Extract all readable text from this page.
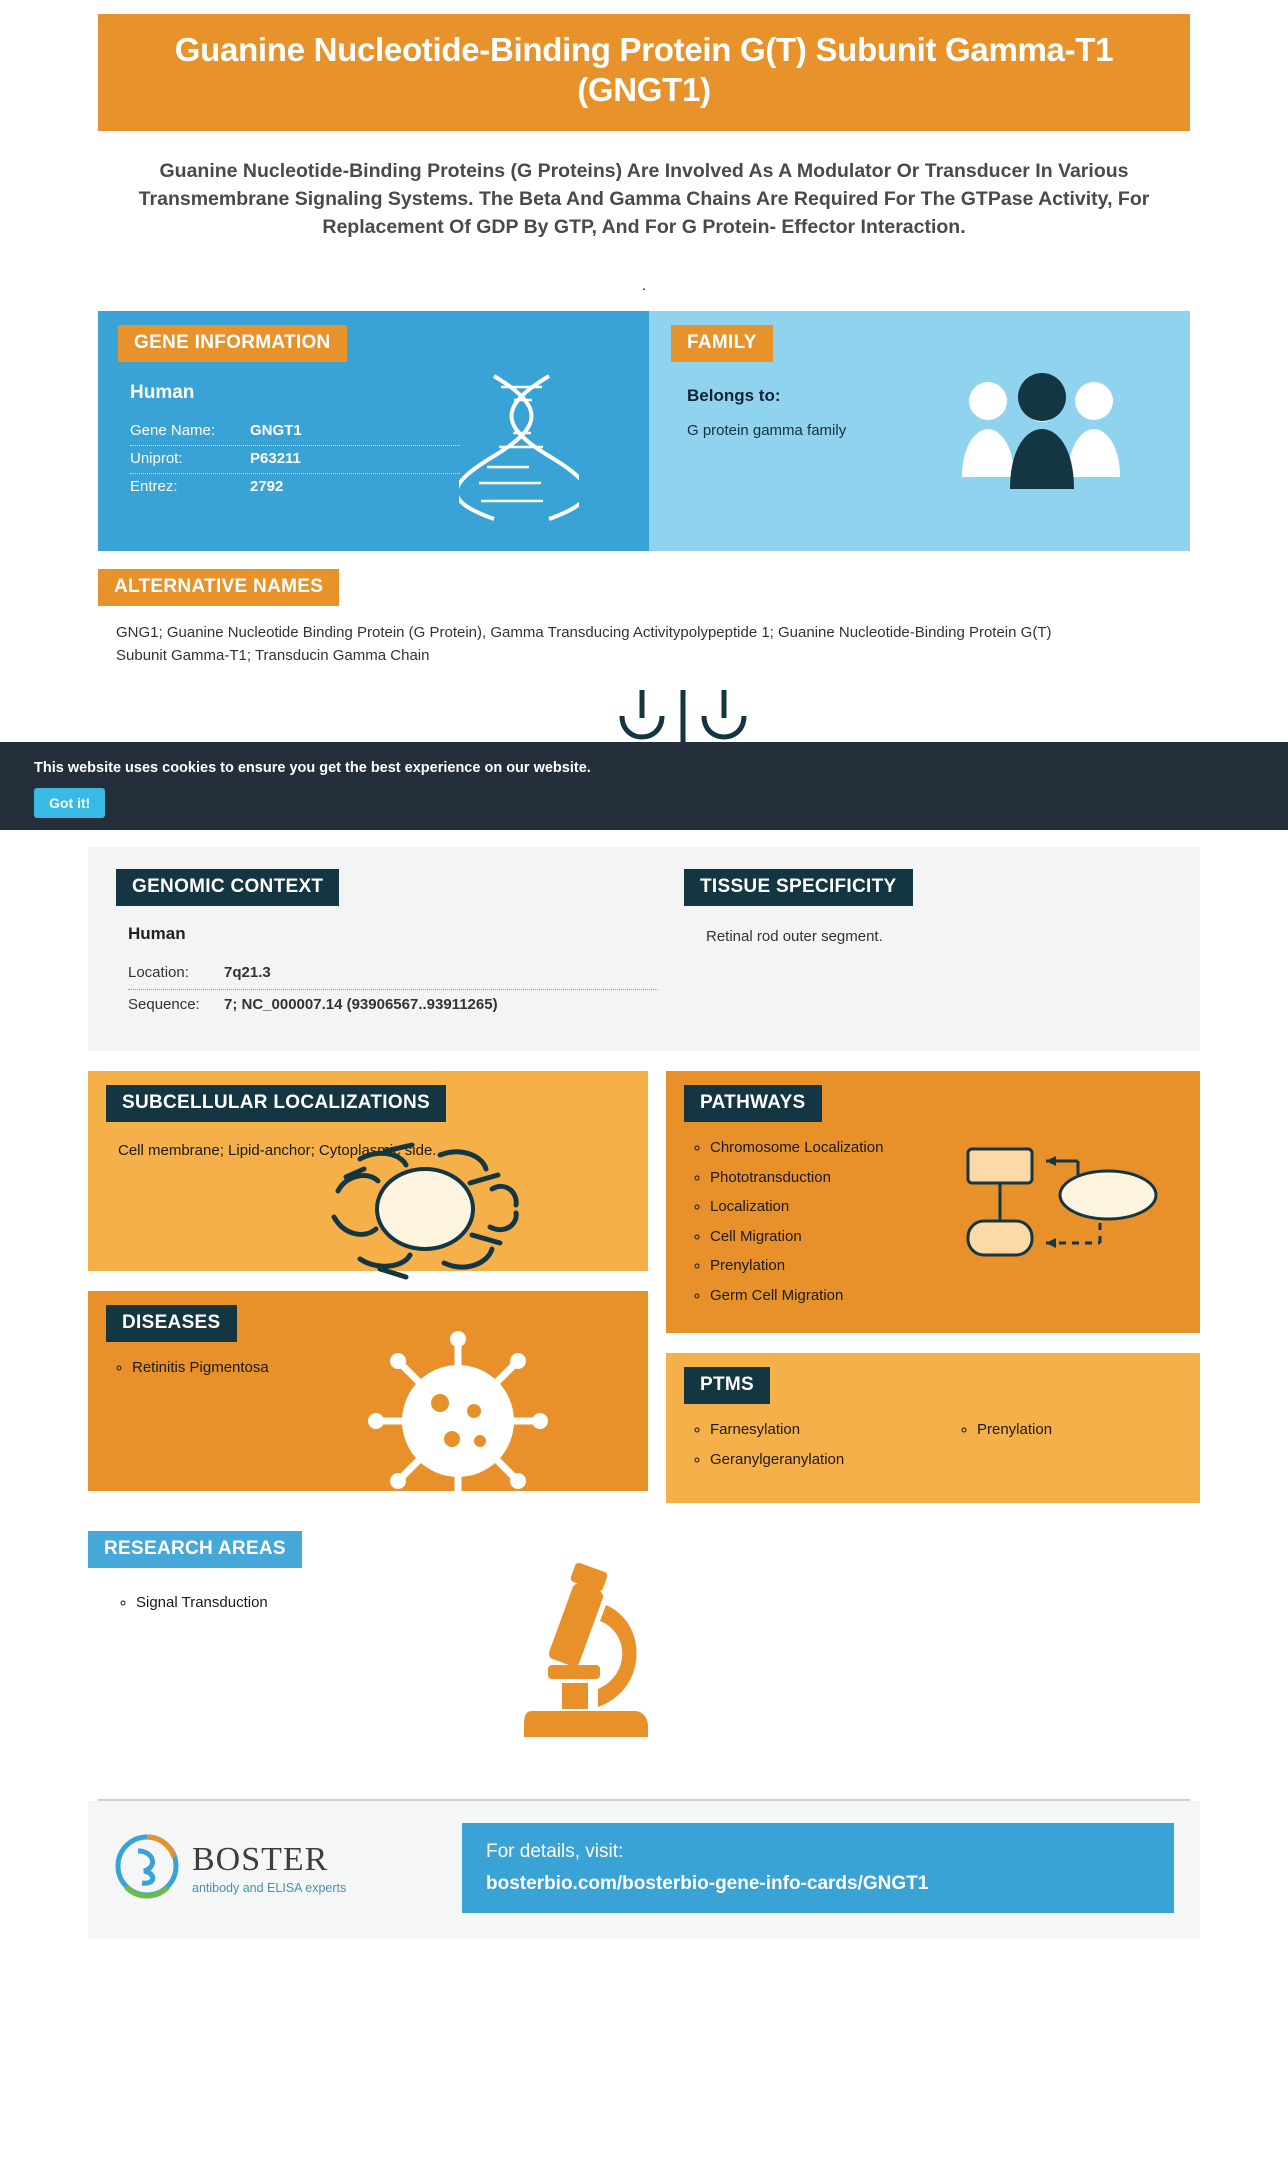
Guanine Nucleotide-Binding Protein G(T) Subunit Gamma-T1 (GNGT1)
Guanine Nucleotide-Binding Proteins (G Proteins) Are Involved As A Modulator Or Transducer In Various Transmembrane Signaling Systems. The Beta And Gamma Chains Are Required For The GTPase Activity, For Replacement Of GDP By GTP, And For G Protein- Effector Interaction.
.
GENE INFORMATION
Human
Gene Name:	GNGT1
Uniprot:	P63211
Entrez:	2792
FAMILY
Belongs to:
G protein gamma family
ALTERNATIVE NAMES
GNG1; Guanine Nucleotide Binding Protein (G Protein), Gamma Transducing Activitypolypeptide 1; Guanine Nucleotide-Binding Protein G(T) Subunit Gamma-T1; Transducin Gamma Chain
This website uses cookies to ensure you get the best experience on our website.
Got it!
GENOMIC CONTEXT
Human
Location:	7q21.3
Sequence:	7; NC_000007.14 (93906567..93911265)
TISSUE SPECIFICITY
Retinal rod outer segment.
SUBCELLULAR LOCALIZATIONS
Cell membrane; Lipid-anchor; Cytoplasmic side.
DISEASES
◦ Retinitis Pigmentosa
PATHWAYS
◦ Chromosome Localization
◦ Phototransduction
◦ Localization
◦ Cell Migration
◦ Prenylation
◦ Germ Cell Migration
PTMS
◦ Farnesylation
◦ Geranylgeranylation
◦ Prenylation
RESEARCH AREAS
◦ Signal Transduction
BOSTER
antibody and ELISA experts
For details, visit:
bosterbio.com/bosterbio-gene-info-cards/GNGT1
